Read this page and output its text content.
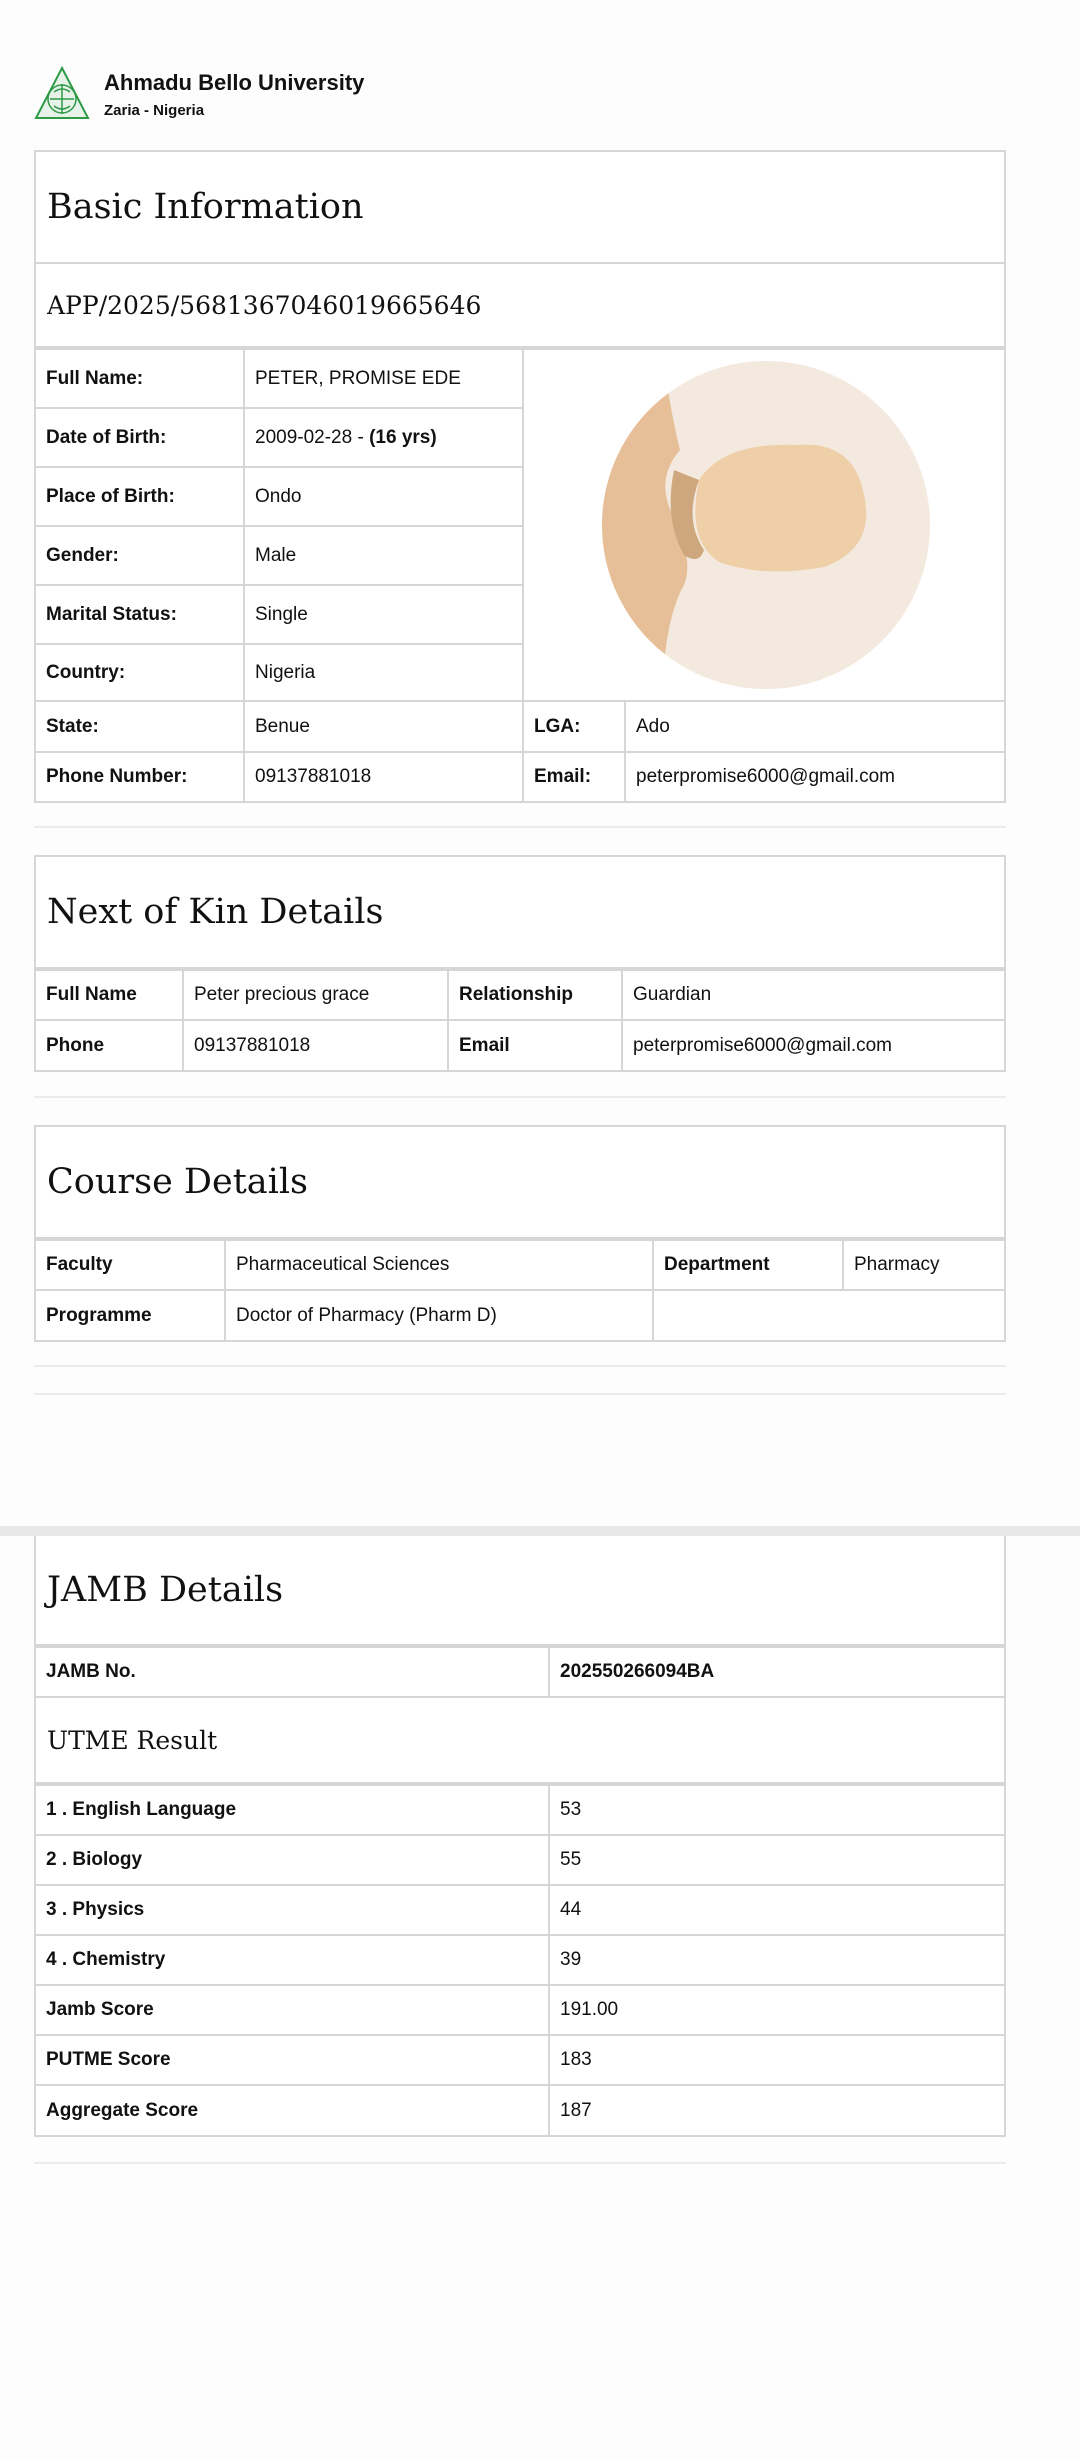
Ahmadu Bello University
Zaria - Nigeria
Basic Information
APP/2025/5681367046019665646
Full Name:	PETER, PROMISE EDE	

Date of Birth:	2009-02-28 - (16 yrs)		
Place of Birth:	Ondo		
Gender:	Male		
Marital Status:	Single		
Country:	Nigeria		
State:	Benue	LGA:	Ado
Phone Number:	09137881018	Email:	peterpromise6000@gmail.com
Next of Kin Details
Full Name	Peter precious grace	Relationship	Guardian
Phone	09137881018	Email	peterpromise6000@gmail.com
Course Details
Faculty	Pharmaceutical Sciences	Department	Pharmacy
Programme	Doctor of Pharmacy (Pharm D)		
JAMB Details
JAMB No.	202550266094BA
UTME Result
1 . English Language	53
2 . Biology	55
3 . Physics	44
4 . Chemistry	39
Jamb Score	191.00
PUTME Score	183
Aggregate Score	187
